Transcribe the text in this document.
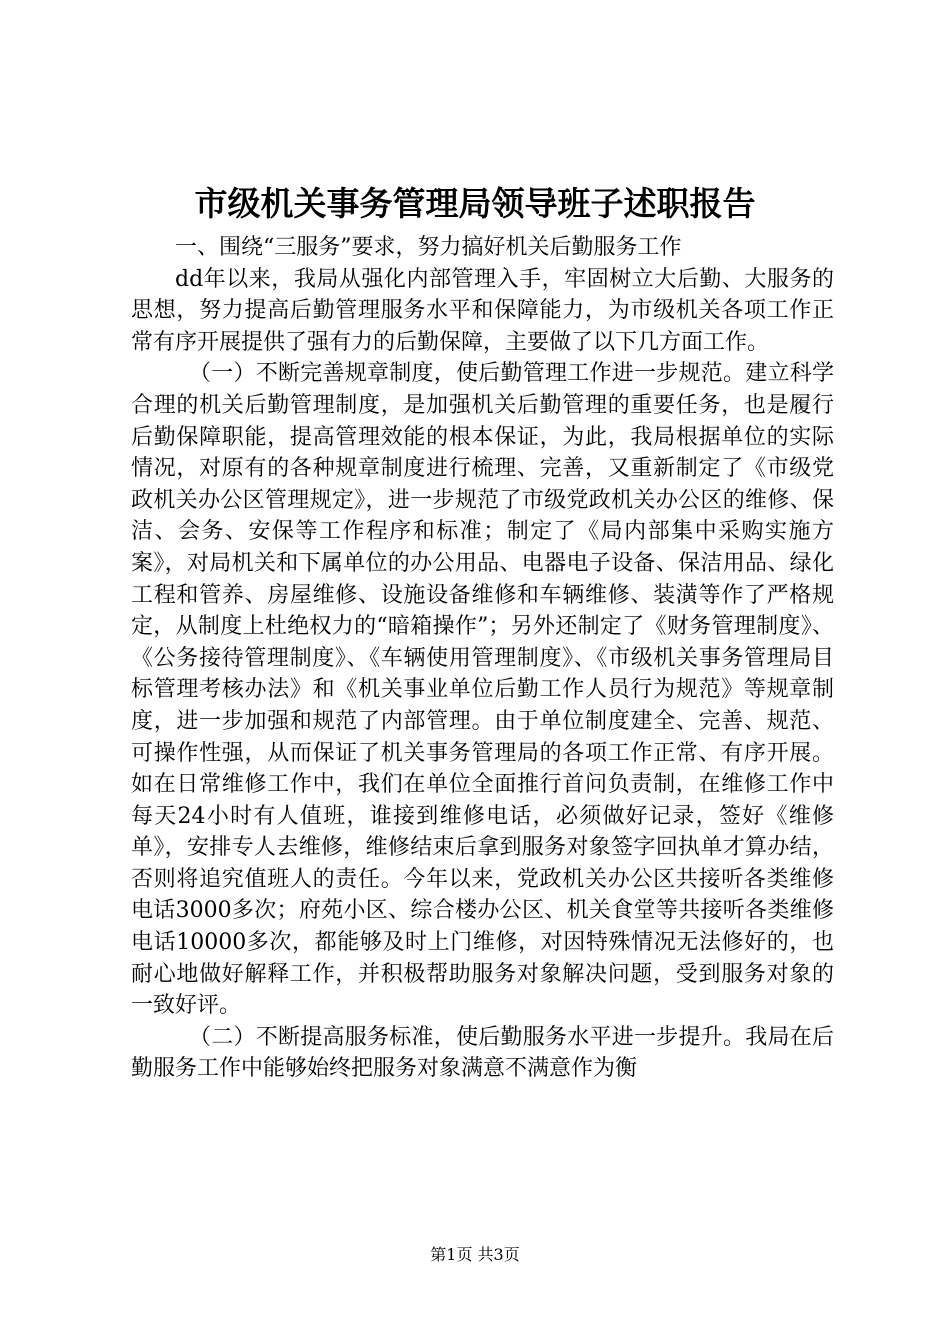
市级机关事务管理局领导班子述职报告

一、围绕“三服务”要求，努力搞好机关后勤服务工作

dd年以来，我局从强化内部管理入手，牢固树立大后勤、大服务的思想，努力提高后勤管理服务水平和保障能力，为市级机关各项工作正常有序开展提供了强有力的后勤保障，主要做了以下几方面工作。

（一）不断完善规章制度，使后勤管理工作进一步规范。建立科学合理的机关后勤管理制度，是加强机关后勤管理的重要任务，也是履行后勤保障职能，提高管理效能的根本保证，为此，我局根据单位的实际情况，对原有的各种规章制度进行梳理、完善，又重新制定了《市级党政机关办公区管理规定》，进一步规范了市级党政机关办公区的维修、保洁、会务、安保等工作程序和标准；制定了《局内部集中采购实施方案》，对局机关和下属单位的办公用品、电器电子设备、保洁用品、绿化工程和管养、房屋维修、设施设备维修和车辆维修、装潢等作了严格规定，从制度上杜绝权力的“暗箱操作”；另外还制定了《财务管理制度》、《公务接待管理制度》、《车辆使用管理制度》、《市级机关事务管理局目标管理考核办法》和《机关事业单位后勤工作人员行为规范》等规章制度，进一步加强和规范了内部管理。由于单位制度建全、完善、规范、可操作性强，从而保证了机关事务管理局的各项工作正常、有序开展。如在日常维修工作中，我们在单位全面推行首问负责制，在维修工作中每天24小时有人值班，谁接到维修电话，必须做好记录，签好《维修单》，安排专人去维修，维修结束后拿到服务对象签字回执单才算办结，否则将追究值班人的责任。今年以来，党政机关办公区共接听各类维修电话3000多次；府苑小区、综合楼办公区、机关食堂等共接听各类维修电话10000多次，都能够及时上门维修，对因特殊情况无法修好的，也耐心地做好解释工作，并积极帮助服务对象解决问题，受到服务对象的一致好评。

（二）不断提高服务标准，使后勤服务水平进一步提升。我局在后勤服务工作中能够始终把服务对象满意不满意作为衡

第1页 共3页
